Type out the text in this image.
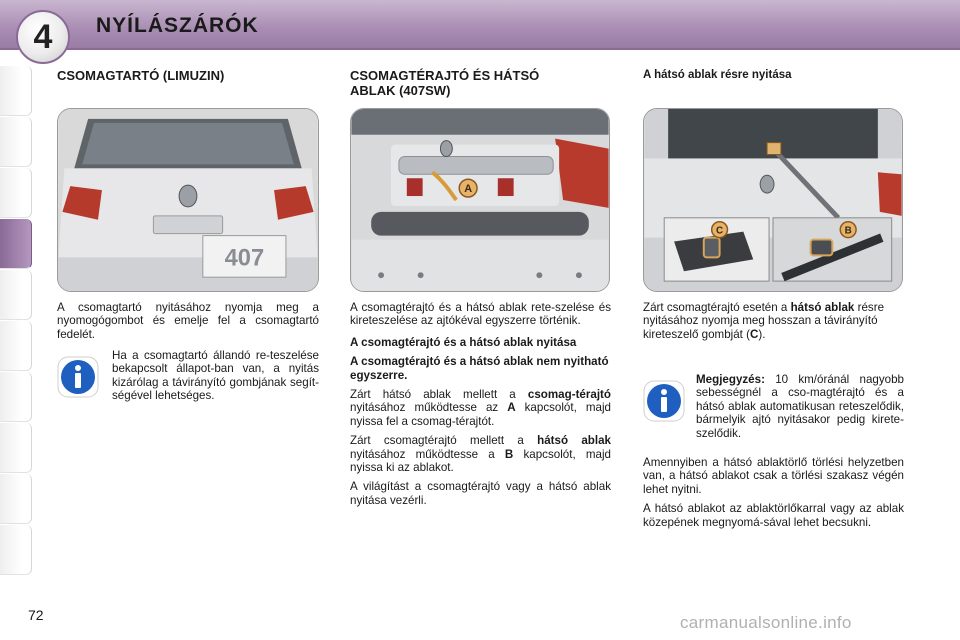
4	NYÍLÁSZÁRÓK
CSOMAGTARTÓ (LIMUZIN)
407

A csomagtartó nyitásához nyomja meg a nyomogógombot és emelje fel a csomagtartó fedelét.

Ha a csomagtartó állandó re-teszelése bekapcsolt állapot-ban van, a nyitás kizárólag a távirányító gombjának segít-ségével lehetséges.

CSOMAGTÉRAJTÓ ÉS HÁTSÓ
ABLAK (407SW)
A

A csomagtérajtó és a hátsó ablak rete-szelése és kireteszelése az ajtókéval egyszerre történik.

A csomagtérajtó és a hátsó ablak nyitása

A csomagtérajtó és a hátsó ablak nem nyitható egyszerre.

Zárt hátsó ablak mellett a csomag-térajtó nyitásához működtesse az A kapcsolót, majd nyissa fel a csomag-térajtót.

Zárt csomagtérajtó mellett a hátsó ablak nyitásához működtesse a B kapcsolót, majd nyissa ki az ablakot.

A világítást a csomagtérajtó vagy a hátsó ablak nyitása vezérli.

A hátsó ablak résre nyitása
C	B

Zárt csomagtérajtó esetén a hátsó ablak résre nyitásához nyomja meg hosszan a távirányító kireteszelő gombját (C).

Megjegyzés: 10 km/óránál nagyobb sebességnél a cso-magtérajtó és a hátsó ablak automatikusan reteszelődik, bármelyik ajtó nyitásakor pedig kirete-szelődik.

Amennyiben a hátsó ablaktörlő törlési helyzetben van, a hátsó ablakot csak a törlési szakasz végén lehet nyitni.

A hátsó ablakot az ablaktörlőkarral vagy az ablak közepének megnyomá-sával lehet becsukni.

72	carmanualsonline.info
